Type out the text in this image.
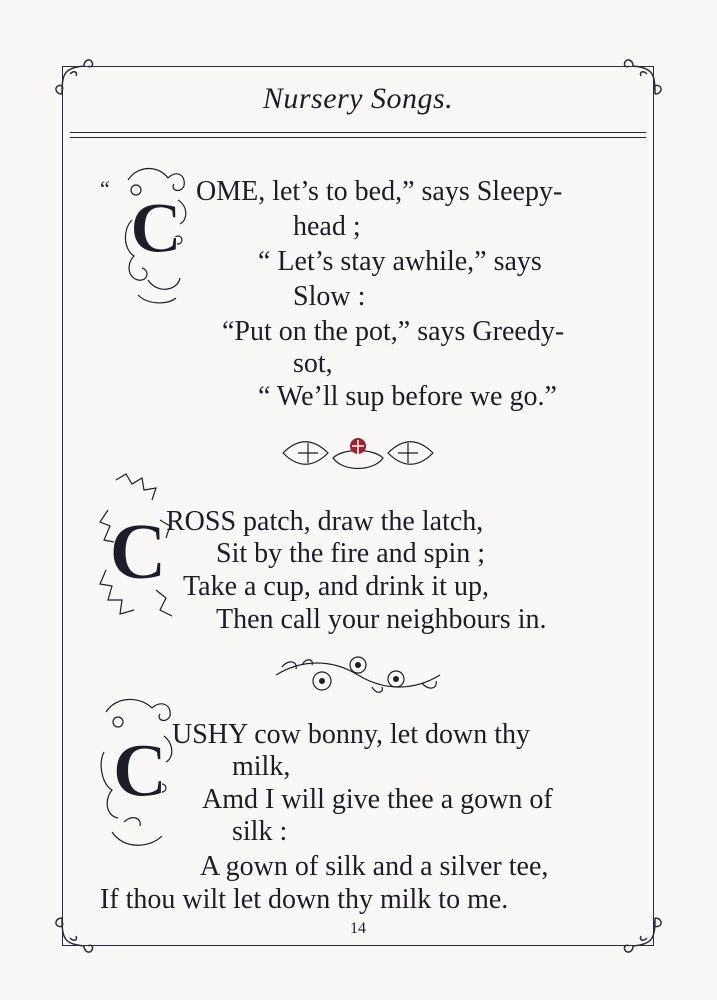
Nursery Songs.
C
“	OME, let’s to bed,” says Sleepy-
head ;
“ Let’s stay awhile,” says
Slow :
“Put on the pot,” says Greedy-
sot,
“ We’ll sup before we go.”
C ROSS patch, draw the latch,
Sit by the fire and spin ;
Take a cup, and drink it up,
Then call your neighbours in.
C USHY cow bonny, let down thy
milk,
Amd I will give thee a gown of
silk :
A gown of silk and a silver tee,
If thou wilt let down thy milk to me.
14
